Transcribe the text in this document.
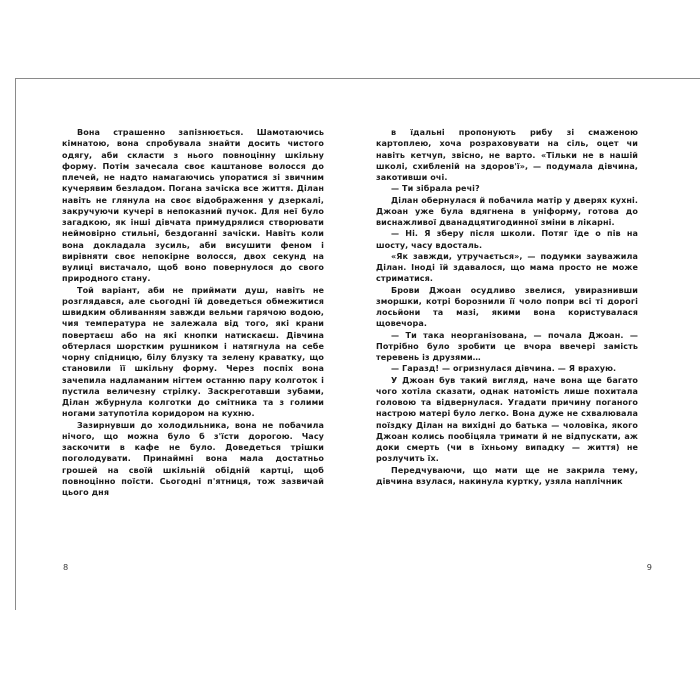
Вона страшенно запізнюється. Шамотаючись кімнатою, вона спробувала знайти досить чистого одягу, аби скласти з нього повноцінну шкільну форму. Потім зачесала своє каштанове волосся до плечей, не надто намагаючись упоратися зі звичним кучерявим безладом. Погана зачіска все життя. Ділан навіть не глянула на своє відображення у дзеркалі, закручуючи кучері в непоказний пучок. Для неї було загадкою, як інші дівчата примудрялися створювати неймовірно стильні, бездоганні зачіски. Навіть коли вона докладала зусиль, аби висушити феном і вирівняти своє непокірне волосся, двох секунд на вулиці вистачало, щоб воно повернулося до свого природного стану.

Той варіант, аби не приймати душ, навіть не розглядався, але сьогодні їй доведеться обмежитися швидким обливанням завжди вельми гарячою водою, чия температура не залежала від того, які крани повертаєш або на які кнопки натискаєш. Дівчина обтерлася шорстким рушником і натягнула на себе чорну спідницю, білу блузку та зелену краватку, що становили її шкільну форму. Через поспіх вона зачепила надламаним нігтем останню пару колготок і пустила величезну стрілку. Заскреготавши зубами, Ділан жбурнула колготки до смітника та з голими ногами затупотіла коридором на кухню.

Зазирнувши до холодильника, вона не побачила нічого, що можна було б з'їсти дорогою. Часу заскочити в кафе не було. Доведеться трішки поголодувати. Принаймні вона мала достатньо грошей на своїй шкільній обідній картці, щоб повноцінно поїсти. Сьогодні п'ятниця, тож зазвичай цього дня

8

в їдальні пропонують рибу зі смаженою картоплею, хоча розраховувати на сіль, оцет чи навіть кетчуп, звісно, не варто. «Тільки не в нашій школі, схибленій на здоров'ї», — подумала дівчина, закотивши очі.

— Ти зібрала речі?

Ділан обернулася й побачила матір у дверях кухні. Джоан уже була вдягнена в уніформу, готова до виснажливої дванадцятигодинної зміни в лікарні.

— Ні. Я зберу після школи. Потяг їде о пів на шосту, часу вдосталь.

«Як завжди, утручається», — подумки зауважила Ділан. Іноді їй здавалося, що мама просто не може стриматися.

Брови Джоан осудливо звелися, увиразнивши зморшки, котрі борознили її чоло попри всі ті дорогі лосьйони та мазі, якими вона користувалася щовечора.

— Ти така неорганізована, — почала Джоан. — Потрібно було зробити це вчора ввечері замість теревень із друзями…

— Гаразд! — огризнулася дівчина. — Я врахую.

У Джоан був такий вигляд, наче вона ще багато чого хотіла сказати, однак натомість лише похитала головою та відвернулася. Угадати причину поганого настрою матері було легко. Вона дуже не схвалювала поїздку Ділан на вихідні до батька — чоловіка, якого Джоан колись пообіцяла тримати й не відпускати, аж доки смерть (чи в їхньому випадку — життя) не розлучить їх.

Передчуваючи, що мати ще не закрила тему, дівчина взулася, накинула куртку, узяла наплічник

9
